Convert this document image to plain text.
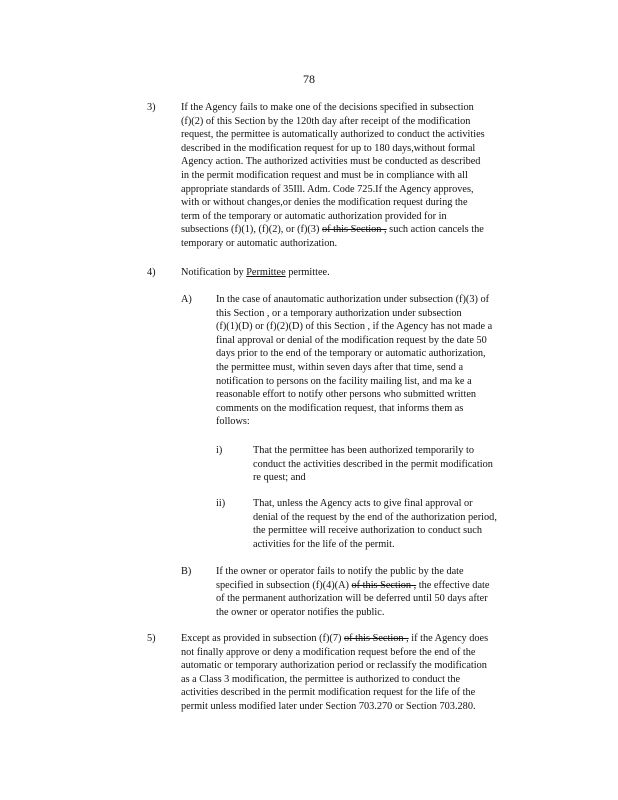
78
3) If the Agency fails to make one of the decisions specified in subsection
(f)(2) of this Section by the 120th day after receipt of the modification
request, the permittee is automatically authorized to conduct the activities
described in the modification request for up to 180 days,without formal
Agency action. The authorized activities must be conducted as described
in the permit modification request and must be in compliance with all
appropriate standards of 35Ill. Adm. Code 725.If the Agency approves,
with or without changes,or denies the modification request during the
term of the temporary or automatic authorization provided for in
subsections (f)(1), (f)(2), or (f)(3) of this Section , such action cancels the
temporary or automatic authorization.
4) Notification by Permittee permittee.
A) In the case of anautomatic authorization under subsection (f)(3) of
this Section , or a temporary authorization under subsection
(f)(1)(D) or (f)(2)(D) of this Section , if the Agency has not made a
final approval or denial of the modification request by the date 50
days prior to the end of the temporary or automatic authorization,
the permittee must, within seven days after that time, send a
notification to persons on the facility mailing list, and ma ke a
reasonable effort to notify other persons who submitted written
comments on the modification request, that informs them as
follows:
i)	That the permittee has been authorized temporarily to
conduct the activities described in the permit modification
re quest; and
ii)	That, unless the Agency acts to give final approval or
denial of the request by the end of the authorization period,
the permittee will receive authorization to conduct such
activities for the life of the permit.
B) If the owner or operator fails to notify the public by the date
specified in subsection (f)(4)(A) of this Section , the effective date
of the permanent authorization will be deferred until 50 days after
the owner or operator notifies the public.
5) Except as provided in subsection (f)(7) of this Section , if the Agency does
not finally approve or deny a modification request before the end of the
automatic or temporary authorization period or reclassify the modification
as a Class 3 modification, the permittee is authorized to conduct the
activities described in the permit modification request for the life of the
permit unless modified later under Section 703.270 or Section 703.280.
